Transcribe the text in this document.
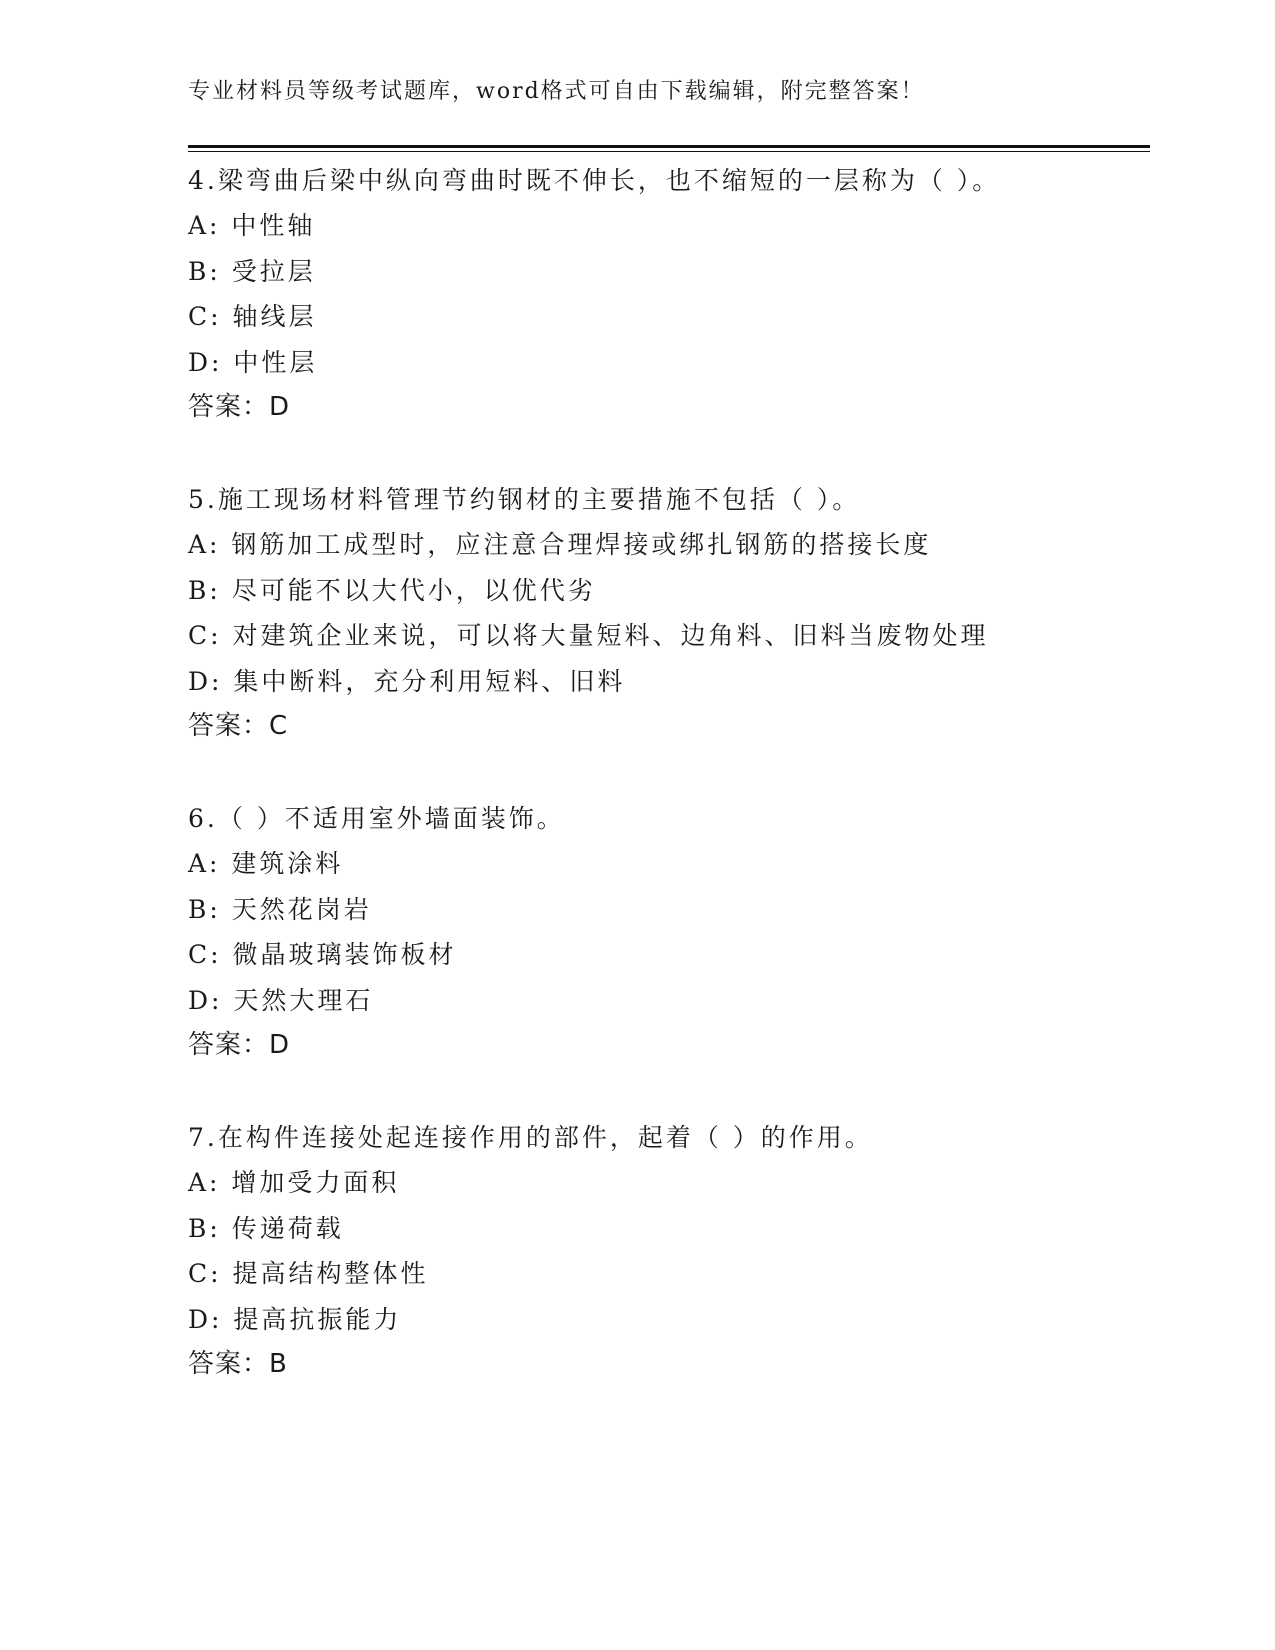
专业材料员等级考试题库，word格式可自由下载编辑，附完整答案！
4.梁弯曲后梁中纵向弯曲时既不伸长，也不缩短的一层称为（ ）。
A: 中性轴
B: 受拉层
C: 轴线层
D: 中性层
答案：D
5.施工现场材料管理节约钢材的主要措施不包括（ ）。
A: 钢筋加工成型时，应注意合理焊接或绑扎钢筋的搭接长度
B: 尽可能不以大代小，以优代劣
C: 对建筑企业来说，可以将大量短料、边角料、旧料当废物处理
D: 集中断料，充分利用短料、旧料
答案：C
6.（ ）不适用室外墙面装饰。
A: 建筑涂料
B: 天然花岗岩
C: 微晶玻璃装饰板材
D: 天然大理石
答案：D
7.在构件连接处起连接作用的部件，起着（ ）的作用。
A: 增加受力面积
B: 传递荷载
C: 提高结构整体性
D: 提高抗振能力
答案：B
